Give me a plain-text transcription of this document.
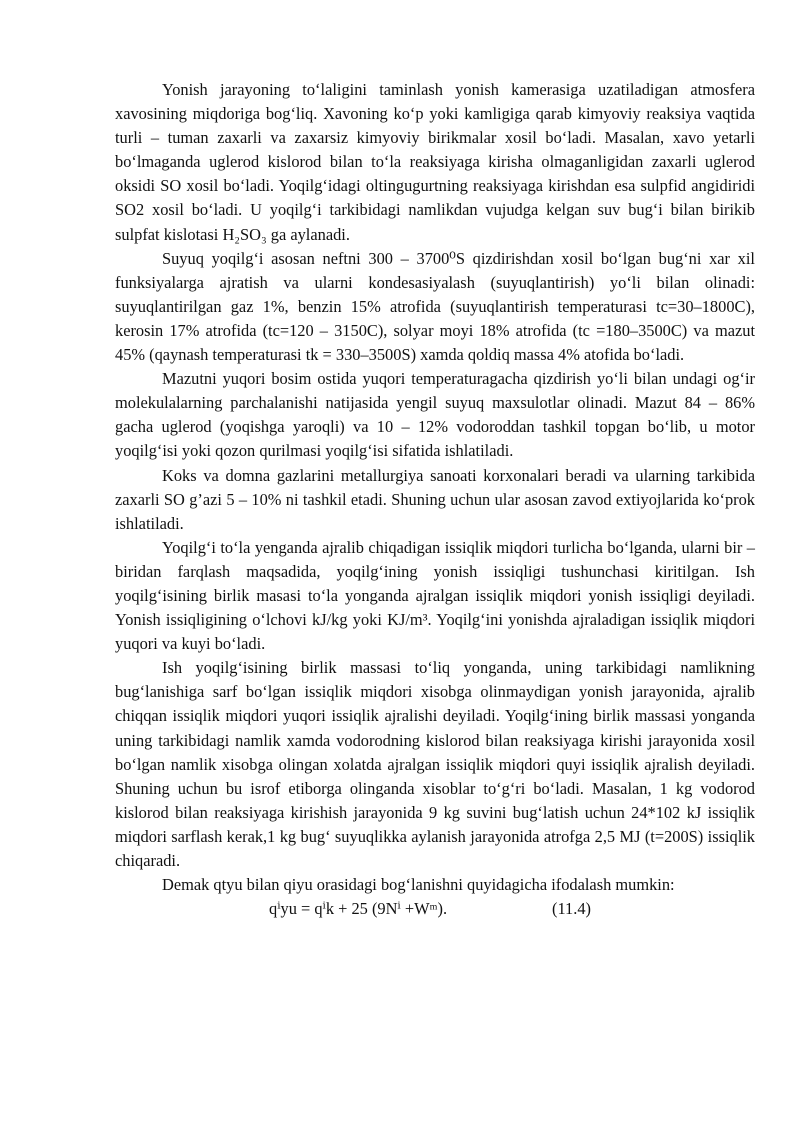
Yonish jarayoning to‘laligini taminlash yonish kamerasiga uzatiladigan atmosfera xavosining miqdoriga bog‘liq. Xavoning ko‘p yoki kamligiga qarab kimyoviy reaksiya vaqtida turli – tuman zaxarli va zaxarsiz kimyoviy birikmalar xosil bo‘ladi. Masalan, xavo yetarli bo‘lmaganda uglerod kislorod bilan to‘la reaksiyaga kirisha olmaganligidan zaxarli uglerod oksidi SO xosil bo‘ladi. Yoqilg‘idagi oltingugurtning reaksiyaga kirishdan esa sulpfid angidiridi SO2 xosil bo‘ladi. U yoqilg‘i tarkibidagi namlikdan vujudga kelgan suv bug‘i bilan birikib sulpfat kislotasi H₂SO₃ ga aylanadi.

Suyuq yoqilg‘i asosan neftni 300 – 3700⁰S qizdirishdan xosil bo‘lgan bug‘ni xar xil funksiyalarga ajratish va ularni kondesasiyalash (suyuqlantirish) yo‘li bilan olinadi: suyuqlantirilgan gaz 1%, benzin 15% atrofida (suyuqlantirish temperaturasi tc=30–1800C), kerosin 17% atrofida (tc=120 – 3150C), solyar moyi 18% atrofida (tc =180–3500C) va mazut 45% (qaynash temperaturasi tk = 330–3500S) xamda qoldiq massa 4% atofida bo‘ladi.

Mazutni yuqori bosim ostida yuqori temperaturagacha qizdirish yo‘li bilan undagi og‘ir molekulalarning parchalanishi natijasida yengil suyuq maxsulotlar olinadi. Mazut 84 – 86% gacha uglerod (yoqishga yaroqli) va 10 – 12% vodoroddan tashkil topgan bo‘lib, u motor yoqilg‘isi yoki qozon qurilmasi yoqilg‘isi sifatida ishlatiladi.

Koks va domna gazlarini metallurgiya sanoati korxonalari beradi va ularning tarkibida zaxarli SO g’azi 5 – 10% ni tashkil etadi. Shuning uchun ular asosan zavod extiyojlarida ko‘prok ishlatiladi.

Yoqilg‘i to‘la yenganda ajralib chiqadigan issiqlik miqdori turlicha bo‘lganda, ularni bir – biridan farqlash maqsadida, yoqilg‘ining yonish issiqligi tushunchasi kiritilgan. Ish yoqilg‘isining birlik masasi to‘la yonganda ajralgan issiqlik miqdori yonish issiqligi deyiladi. Yonish issiqligining o‘lchovi kJ/kg yoki KJ/m³. Yoqilg‘ini yonishda ajraladigan issiqlik miqdori yuqori va kuyi bo‘ladi.

Ish yoqilg‘isining birlik massasi to‘liq yonganda, uning tarkibidagi namlikning bug‘lanishiga sarf bo‘lgan issiqlik miqdori xisobga olinmaydigan yonish jarayonida, ajralib chiqqan issiqlik miqdori yuqori issiqlik ajralishi deyiladi. Yoqilg‘ining birlik massasi yonganda uning tarkibidagi namlik xamda vodorodning kislorod bilan reaksiyaga kirishi jarayonida xosil bo‘lgan namlik xisobga olingan xolatda ajralgan issiqlik miqdori quyi issiqlik ajralish deyiladi. Shuning uchun bu isrof etiborga olinganda xisoblar to‘g‘ri bo‘ladi. Masalan, 1 kg vodorod kislorod bilan reaksiyaga kirishish jarayonida 9 kg suvini bug‘latish uchun 24*102 kJ issiqlik miqdori sarflash kerak,1 kg bug‘ suyuqlikka aylanish jarayonida atrofga 2,5 MJ (t=200S) issiqlik chiqaradi.

Demak qtyu bilan qiyu orasidagi bog‘lanishni quyidagicha ifodalash mumkin:

qⁱyu = qⁱk + 25 (9Nⁱ +Wᵐ).	(11.4)
